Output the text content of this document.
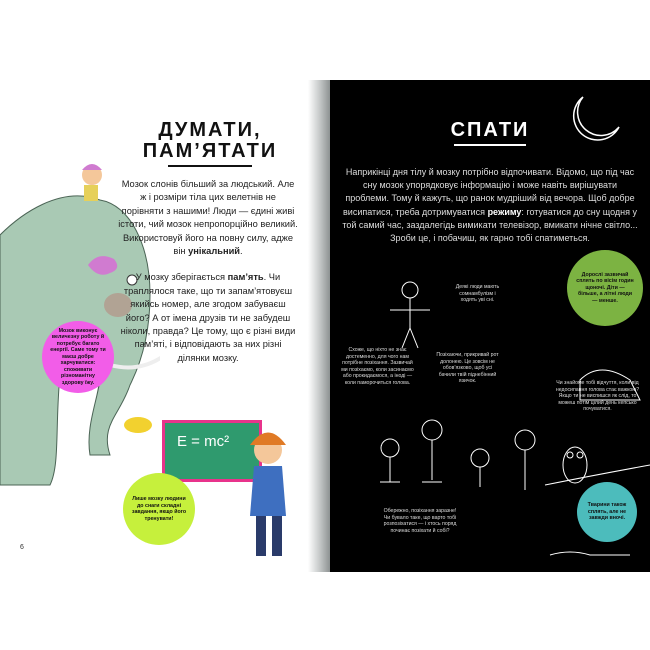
ДУМАТИ, ПАМ’ЯТАТИ

Мозок слонів більший за людський. Але ж і розміри тіла цих велетнів не порівняти з нашими! Люди — єдині живі істоти, чий мозок непропорційно великий. Використовуй його на повну силу, адже він унікальний.

У мозку зберігається пам’ять. Чи траплялося таке, що ти запам’ятовуєш якийсь номер, але згодом забуваєш його? А от імена друзів ти не забудеш ніколи, правда? Це тому, що є різні види пам’яті, і відповідають за них різні ділянки мозку.

Мозок виконує величезну роботу й потребує багато енергії. Саме тому ти маєш добре харчуватися: споживати різноманітну здорову їжу.
E = mc²
Лише мозку людини до снаги складні завдання, якщо його тренувати!
6
СПАТИ
Наприкінці дня тілу й мозку потрібно відпочивати. Відомо, що під час сну мозок упорядковує інформацію і може навіть вирішувати проблеми. Тому й кажуть, що ранок мудріший від вечора. Щоб добре висипатися, треба дотримуватися режиму: готуватися до сну щодня у той самий час, заздалегідь вимикати телевізор, вмикати нічне світло... Зроби це, і побачиш, як гарно тобі спатиметься.
Деякі люди мають сомнамбулізм і ходять уві сні.
Схоже, що ніхто не знає достеменно, для чого нам потрібне позіхання. Зазвичай ми позіхаємо, коли засинаємо або прокидаємося, а іноді — коли паморочиться голова.
Позіхаючи, прикривай рот долонею. Це зовсім не обов’язково, щоб усі бачили твій піднебінний язичок.	Чи знайоме тобі відчуття, коли від недосипання голова стає важкою? Якщо ти не виспишся як слід, то можеш потім цілий день кепсько почуватися.
Обережно, позіхання заразне! Чи бувало таке, що варто тобі розпозіхатися — і хтось поряд починає позіхати й собі?
Дорослі зазвичай сплять по вісім годин щоночі. Діти — більше, а літні люди — менше.
Тварини також сплять, але не завжди вночі.
